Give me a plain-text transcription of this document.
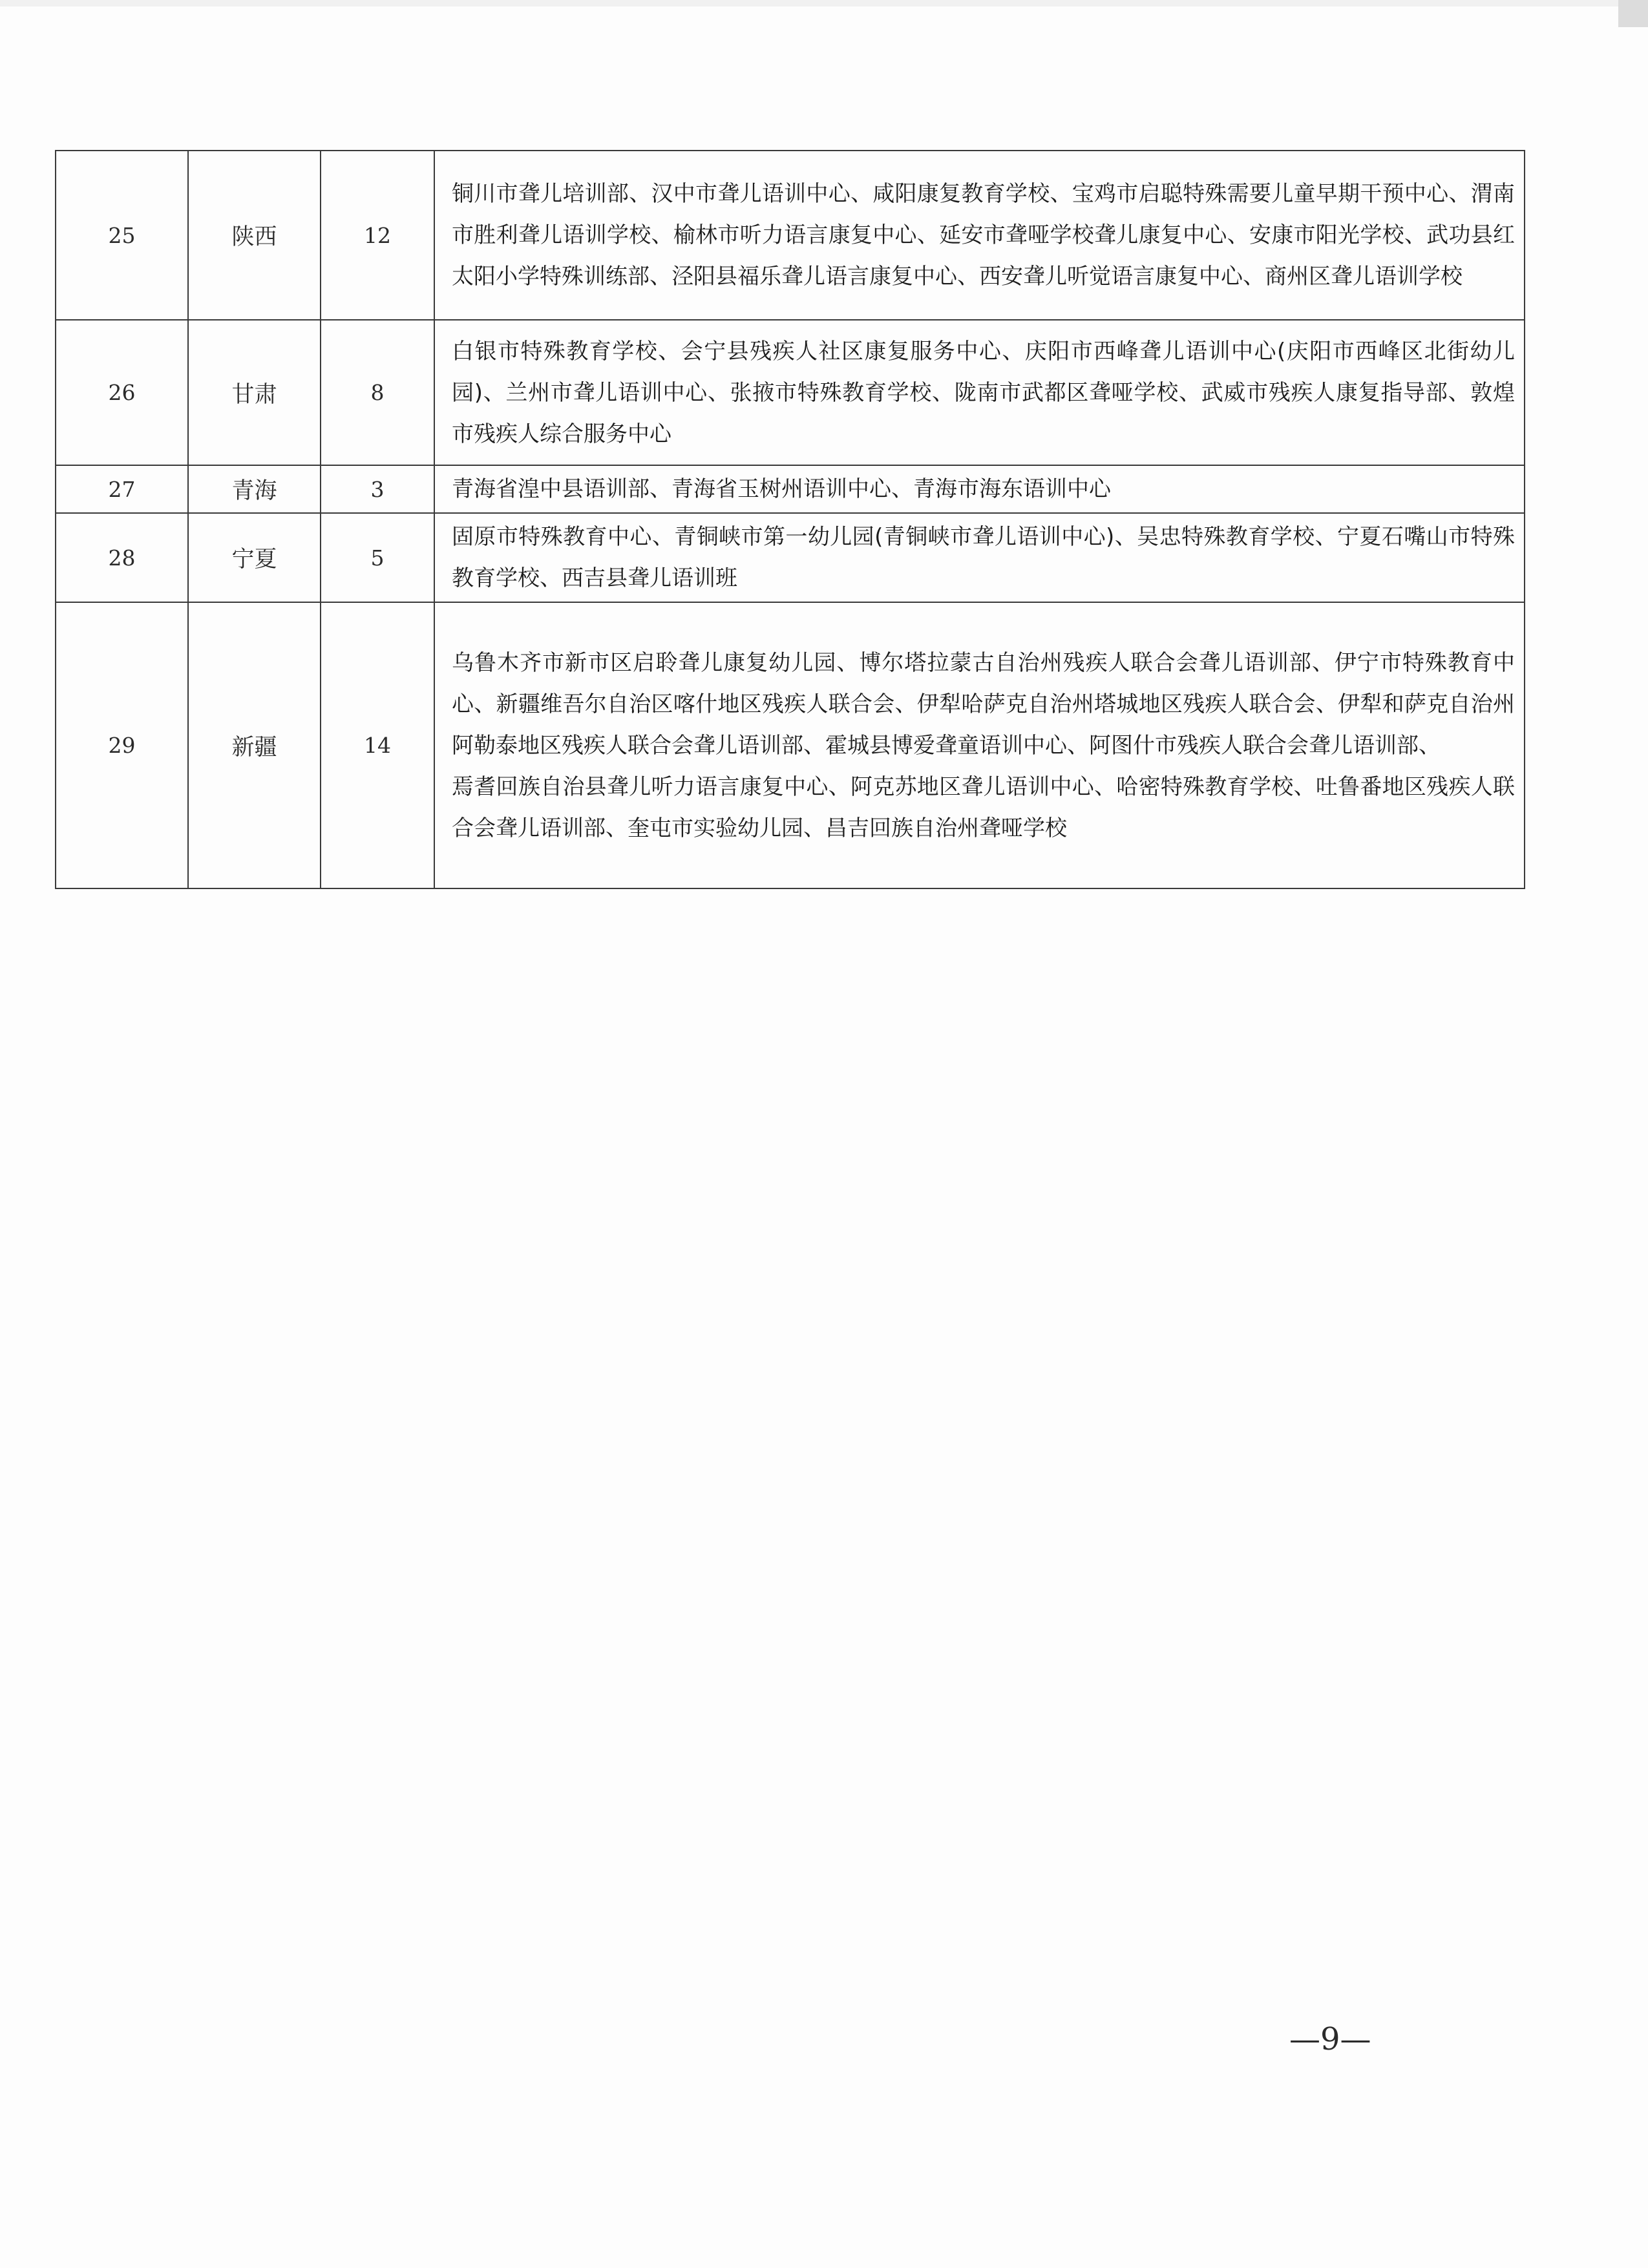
25	陕西	12	铜川市聋儿培训部、汉中市聋儿语训中心、咸阳康复教育学校、宝鸡市启聪特殊需要儿童早期干预中心、渭南市胜利聋儿语训学校、榆林市听力语言康复中心、延安市聋哑学校聋儿康复中心、安康市阳光学校、武功县红太阳小学特殊训练部、泾阳县福乐聋儿语言康复中心、西安聋儿听觉语言康复中心、商州区聋儿语训学校
26	甘肃	8	白银市特殊教育学校、会宁县残疾人社区康复服务中心、庆阳市西峰聋儿语训中心(庆阳市西峰区北街幼儿园)、兰州市聋儿语训中心、张掖市特殊教育学校、陇南市武都区聋哑学校、武威市残疾人康复指导部、敦煌市残疾人综合服务中心
27	青海	3	青海省湟中县语训部、青海省玉树州语训中心、青海市海东语训中心
28	宁夏	5	固原市特殊教育中心、青铜峡市第一幼儿园(青铜峡市聋儿语训中心)、吴忠特殊教育学校、宁夏石嘴山市特殊教育学校、西吉县聋儿语训班
29	新疆	14	乌鲁木齐市新市区启聆聋儿康复幼儿园、博尔塔拉蒙古自治州残疾人联合会聋儿语训部、伊宁市特殊教育中心、新疆维吾尔自治区喀什地区残疾人联合会、伊犁哈萨克自治州塔城地区残疾人联合会、伊犁和萨克自治州阿勒泰地区残疾人联合会聋儿语训部、霍城县博爱聋童语训中心、阿图什市残疾人联合会聋儿语训部、
焉耆回族自治县聋儿听力语言康复中心、阿克苏地区聋儿语训中心、哈密特殊教育学校、吐鲁番地区残疾人联合会聋儿语训部、奎屯市实验幼儿园、昌吉回族自治州聋哑学校
—9—
